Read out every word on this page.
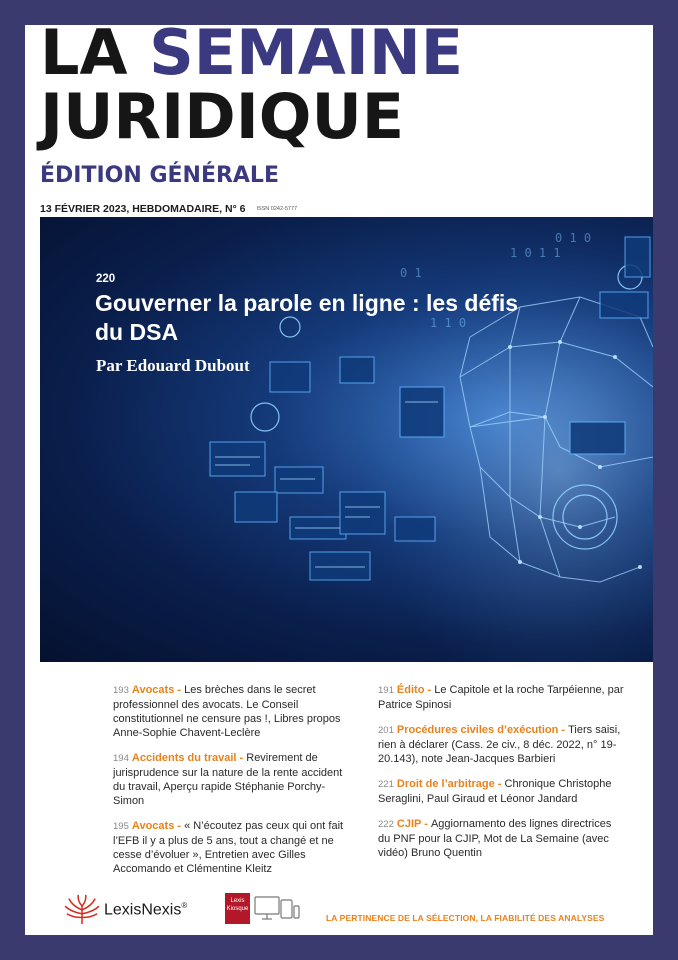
LA SEMAINE
JURIDIQUE
ÉDITION GÉNÉRALE
13 FÉVRIER 2023, HEBDOMADAIRE, N° 6 ISSN 0242-5777
1 0 1 1
0 1 0
1 1 0
0 1
220
Gouverner la parole en ligne : les défis du DSA
Par Edouard Dubout
193 Avocats - Les brèches dans le secret professionnel des avocats. Le Conseil constitutionnel ne censure pas !, Libres propos Anne-Sophie Chavent-Leclère
194 Accidents du travail - Revirement de jurisprudence sur la nature de la rente accident du travail, Aperçu rapide Stéphanie Porchy-Simon
195 Avocats - « N’écoutez pas ceux qui ont fait l’EFB il y a plus de 5 ans, tout a changé et ne cesse d’évoluer », Entretien avec Gilles Accomando et Clémentine Kleitz
191 Édito - Le Capitole et la roche Tarpéienne, par Patrice Spinosi
201 Procédures civiles d’exécution - Tiers saisi, rien à déclarer (Cass. 2e civ., 8 déc. 2022, n° 19-20.143), note Jean-Jacques Barbieri
221 Droit de l’arbitrage - Chronique Christophe Seraglini, Paul Giraud et Léonor Jandard
222 CJIP - Aggiornamento des lignes directrices du PNF pour la CJIP, Mot de La Semaine (avec vidéo) Bruno Quentin
LexisNexis®	Lexis
Kiosque
LA PERTINENCE DE LA SÉLECTION, LA FIABILITÉ DES ANALYSES
